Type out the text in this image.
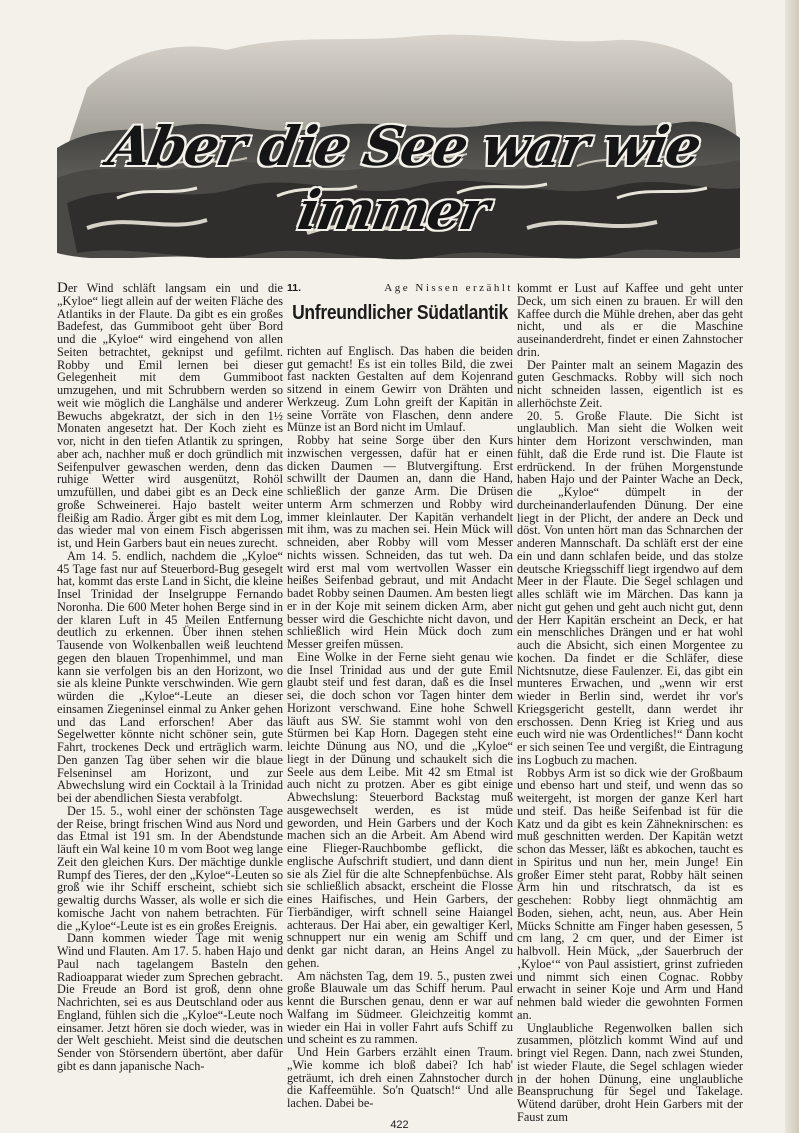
Aber die See war wie immer

Der Wind schläft langsam ein und die „Kyloe“ liegt allein auf der weiten Fläche des Atlantiks in der Flaute. Da gibt es ein großes Badefest, das Gummiboot geht über Bord und die „Kyloe“ wird eingehend von allen Seiten betrachtet, geknipst und gefilmt. Robby und Emil lernen bei dieser Gelegenheit mit dem Gummiboot umzugehen, und mit Schrubbern werden so weit wie möglich die Langhälse und anderer Bewuchs abgekratzt, der sich in den 1½ Monaten angesetzt hat. Der Koch zieht es vor, nicht in den tiefen Atlantik zu springen, aber ach, nachher muß er doch gründlich mit Seifenpulver gewaschen werden, denn das ruhige Wetter wird ausgenützt, Rohöl umzufüllen, und dabei gibt es an Deck eine große Schweinerei. Hajo bastelt weiter fleißig am Radio. Ärger gibt es mit dem Log, das wieder mal von einem Fisch abgerissen ist, und Hein Garbers baut ein neues zurecht.

Am 14. 5. endlich, nachdem die „Kyloe“ 45 Tage fast nur auf Steuerbord-Bug gesegelt hat, kommt das erste Land in Sicht, die kleine Insel Trinidad der Inselgruppe Fernando Noronha. Die 600 Meter hohen Berge sind in der klaren Luft in 45 Meilen Entfernung deutlich zu erkennen. Über ihnen stehen Tausende von Wolkenballen weiß leuchtend gegen den blauen Tropenhimmel, und man kann sie verfolgen bis an den Horizont, wo sie als kleine Punkte verschwinden. Wie gern würden die „Kyloe“-Leute an dieser einsamen Ziegeninsel einmal zu Anker gehen und das Land erforschen! Aber das Segelwetter könnte nicht schöner sein, gute Fahrt, trockenes Deck und erträglich warm. Den ganzen Tag über sehen wir die blaue Felseninsel am Horizont, und zur Abwechslung wird ein Cocktail à la Trinidad bei der abendlichen Siesta verabfolgt.

Der 15. 5., wohl einer der schönsten Tage der Reise, bringt frischen Wind aus Nord und das Etmal ist 191 sm. In der Abendstunde läuft ein Wal keine 10 m vom Boot weg lange Zeit den gleichen Kurs. Der mächtige dunkle Rumpf des Tieres, der den „Kyloe“-Leuten so groß wie ihr Schiff erscheint, schiebt sich gewaltig durchs Wasser, als wolle er sich die komische Jacht von nahem betrachten. Für die „Kyloe“-Leute ist es ein großes Ereignis.

Dann kommen wieder Tage mit wenig Wind und Flauten. Am 17. 5. haben Hajo und Paul nach tagelangem Basteln den Radioapparat wieder zum Sprechen gebracht. Die Freude an Bord ist groß, denn ohne Nachrichten, sei es aus Deutschland oder aus England, fühlen sich die „Kyloe“-Leute noch einsamer. Jetzt hören sie doch wieder, was in der Welt geschieht. Meist sind die deutschen Sender von Störsendern übertönt, aber dafür gibt es dann japanische Nach-

11.	Age Nissen erzählt
Unfreundlicher Südatlantik

richten auf Englisch. Das haben die beiden gut gemacht! Es ist ein tolles Bild, die zwei fast nackten Gestalten auf dem Kojenrand sitzend in einem Gewirr von Drähten und Werkzeug. Zum Lohn greift der Kapitän in seine Vorräte von Flaschen, denn andere Münze ist an Bord nicht im Umlauf.

Robby hat seine Sorge über den Kurs inzwischen vergessen, dafür hat er einen dicken Daumen — Blutvergiftung. Erst schwillt der Daumen an, dann die Hand, schließlich der ganze Arm. Die Drüsen unterm Arm schmerzen und Robby wird immer kleinlauter. Der Kapitän verhandelt mit ihm, was zu machen sei. Hein Mück will schneiden, aber Robby will vom Messer nichts wissen. Schneiden, das tut weh. Da wird erst mal vom wertvollen Wasser ein heißes Seifenbad gebraut, und mit Andacht badet Robby seinen Daumen. Am besten liegt er in der Koje mit seinem dicken Arm, aber besser wird die Geschichte nicht davon, und schließlich wird Hein Mück doch zum Messer greifen müssen.

Eine Wolke in der Ferne sieht genau wie die Insel Trinidad aus und der gute Emil glaubt steif und fest daran, daß es die Insel sei, die doch schon vor Tagen hinter dem Horizont verschwand. Eine hohe Schwell läuft aus SW. Sie stammt wohl von den Stürmen bei Kap Horn. Dagegen steht eine leichte Dünung aus NO, und die „Kyloe“ liegt in der Dünung und schaukelt sich die Seele aus dem Leibe. Mit 42 sm Etmal ist auch nicht zu protzen. Aber es gibt einige Abwechslung: Steuerbord Backstag muß ausgewechselt werden, es ist müde geworden, und Hein Garbers und der Koch machen sich an die Arbeit. Am Abend wird eine Flieger-Rauchbombe geflickt, die englische Aufschrift studiert, und dann dient sie als Ziel für die alte Schnepfenbüchse. Als sie schließlich absackt, erscheint die Flosse eines Haifisches, und Hein Garbers, der Tierbändiger, wirft schnell seine Haiangel achteraus. Der Hai aber, ein gewaltiger Kerl, schnuppert nur ein wenig am Schiff und denkt gar nicht daran, an Heins Angel zu gehen.

Am nächsten Tag, dem 19. 5., pusten zwei große Blauwale um das Schiff herum. Paul kennt die Burschen genau, denn er war auf Walfang im Südmeer. Gleichzeitig kommt wieder ein Hai in voller Fahrt aufs Schiff zu und scheint es zu rammen.

Und Hein Garbers erzählt einen Traum. „Wie komme ich bloß dabei? Ich hab' geträumt, ich dreh einen Zahnstocher durch die Kaffeemühle. So'n Quatsch!“ Und alle lachen. Dabei be-

kommt er Lust auf Kaffee und geht unter Deck, um sich einen zu brauen. Er will den Kaffee durch die Mühle drehen, aber das geht nicht, und als er die Maschine auseinanderdreht, findet er einen Zahnstocher drin.

Der Painter malt an seinem Magazin des guten Geschmacks. Robby will sich noch nicht schneiden lassen, eigentlich ist es allerhöchste Zeit.

20. 5. Große Flaute. Die Sicht ist unglaublich. Man sieht die Wolken weit hinter dem Horizont verschwinden, man fühlt, daß die Erde rund ist. Die Flaute ist erdrückend. In der frühen Morgenstunde haben Hajo und der Painter Wache an Deck, die „Kyloe“ dümpelt in der durcheinanderlaufenden Dünung. Der eine liegt in der Plicht, der andere an Deck und döst. Von unten hört man das Schnarchen der anderen Mannschaft. Da schläft erst der eine ein und dann schlafen beide, und das stolze deutsche Kriegsschiff liegt irgendwo auf dem Meer in der Flaute. Die Segel schlagen und alles schläft wie im Märchen. Das kann ja nicht gut gehen und geht auch nicht gut, denn der Herr Kapitän erscheint an Deck, er hat ein menschliches Drängen und er hat wohl auch die Absicht, sich einen Morgentee zu kochen. Da findet er die Schläfer, diese Nichtsnutze, diese Faulenzer. Ei, das gibt ein munteres Erwachen, und „wenn wir erst wieder in Berlin sind, werdet ihr vor's Kriegsgericht gestellt, dann werdet ihr erschossen. Denn Krieg ist Krieg und aus euch wird nie was Ordentliches!“ Dann kocht er sich seinen Tee und vergißt, die Eintragung ins Logbuch zu machen.

Robbys Arm ist so dick wie der Großbaum und ebenso hart und steif, und wenn das so weitergeht, ist morgen der ganze Kerl hart und steif. Das heiße Seifenbad ist für die Katz und da gibt es kein Zähneknirschen: es muß geschnitten werden. Der Kapitän wetzt schon das Messer, läßt es abkochen, taucht es in Spiritus und nun her, mein Junge! Ein großer Eimer steht parat, Robby hält seinen Arm hin und ritschratsch, da ist es geschehen: Robby liegt ohnmächtig am Boden, siehen, acht, neun, aus. Aber Hein Mücks Schnitte am Finger haben gesessen, 5 cm lang, 2 cm quer, und der Eimer ist halbvoll. Hein Mück, „der Sauerbruch der ‚Kyloe‘“ von Paul assistiert, grinst zufrieden und nimmt sich einen Cognac. Robby erwacht in seiner Koje und Arm und Hand nehmen bald wieder die gewohnten Formen an.

Unglaubliche Regenwolken ballen sich zusammen, plötzlich kommt Wind auf und bringt viel Regen. Dann, nach zwei Stunden, ist wieder Flaute, die Segel schlagen wieder in der hohen Dünung, eine unglaubliche Beanspruchung für Segel und Takelage. Wütend darüber, droht Hein Garbers mit der Faust zum

422
